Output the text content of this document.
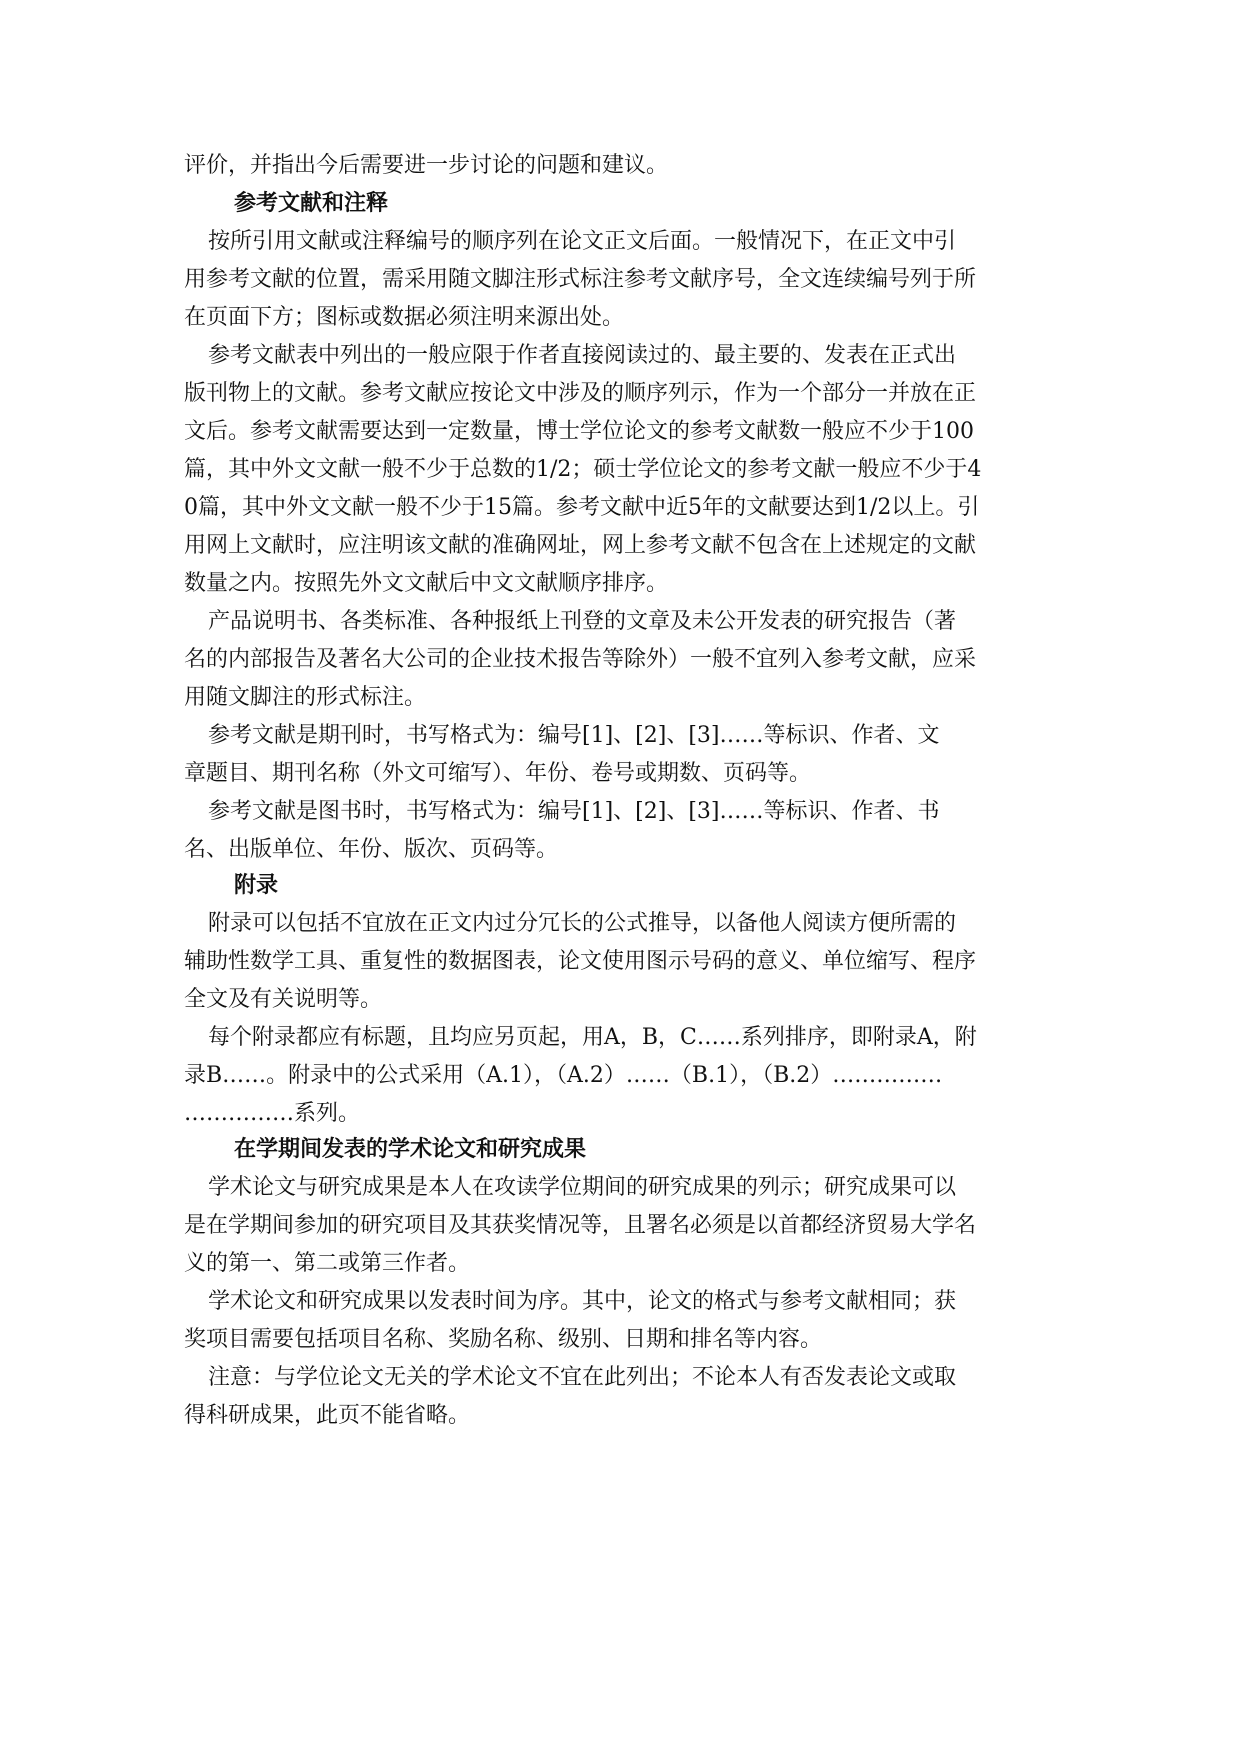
评价，并指出今后需要进一步讨论的问题和建议。
参考文献和注释
按所引用文献或注释编号的顺序列在论文正文后面。一般情况下，在正文中引
用参考文献的位置，需采用随文脚注形式标注参考文献序号，全文连续编号列于所
在页面下方；图标或数据必须注明来源出处。
参考文献表中列出的一般应限于作者直接阅读过的、最主要的、发表在正式出
版刊物上的文献。参考文献应按论文中涉及的顺序列示，作为一个部分一并放在正
文后。参考文献需要达到一定数量，博士学位论文的参考文献数一般应不少于100
篇，其中外文文献一般不少于总数的1/2；硕士学位论文的参考文献一般应不少于4
0篇，其中外文文献一般不少于15篇。参考文献中近5年的文献要达到1/2以上。引
用网上文献时，应注明该文献的准确网址，网上参考文献不包含在上述规定的文献
数量之内。按照先外文文献后中文文献顺序排序。
产品说明书、各类标准、各种报纸上刊登的文章及未公开发表的研究报告（著
名的内部报告及著名大公司的企业技术报告等除外）一般不宜列入参考文献，应采
用随文脚注的形式标注。
参考文献是期刊时，书写格式为：编号[1]、[2]、[3]……等标识、作者、文
章题目、期刊名称（外文可缩写）、年份、卷号或期数、页码等。
参考文献是图书时，书写格式为：编号[1]、[2]、[3]……等标识、作者、书
名、出版单位、年份、版次、页码等。
附录
附录可以包括不宜放在正文内过分冗长的公式推导，以备他人阅读方便所需的
辅助性数学工具、重复性的数据图表，论文使用图示号码的意义、单位缩写、程序
全文及有关说明等。
每个附录都应有标题，且均应另页起，用A，B，C……系列排序，即附录A，附
录B……。附录中的公式采用（A.1），（A.2）……（B.1），（B.2）……………
……………系列。
在学期间发表的学术论文和研究成果
学术论文与研究成果是本人在攻读学位期间的研究成果的列示；研究成果可以
是在学期间参加的研究项目及其获奖情况等，且署名必须是以首都经济贸易大学名
义的第一、第二或第三作者。
学术论文和研究成果以发表时间为序。其中，论文的格式与参考文献相同；获
奖项目需要包括项目名称、奖励名称、级别、日期和排名等内容。
注意：与学位论文无关的学术论文不宜在此列出；不论本人有否发表论文或取
得科研成果，此页不能省略。
